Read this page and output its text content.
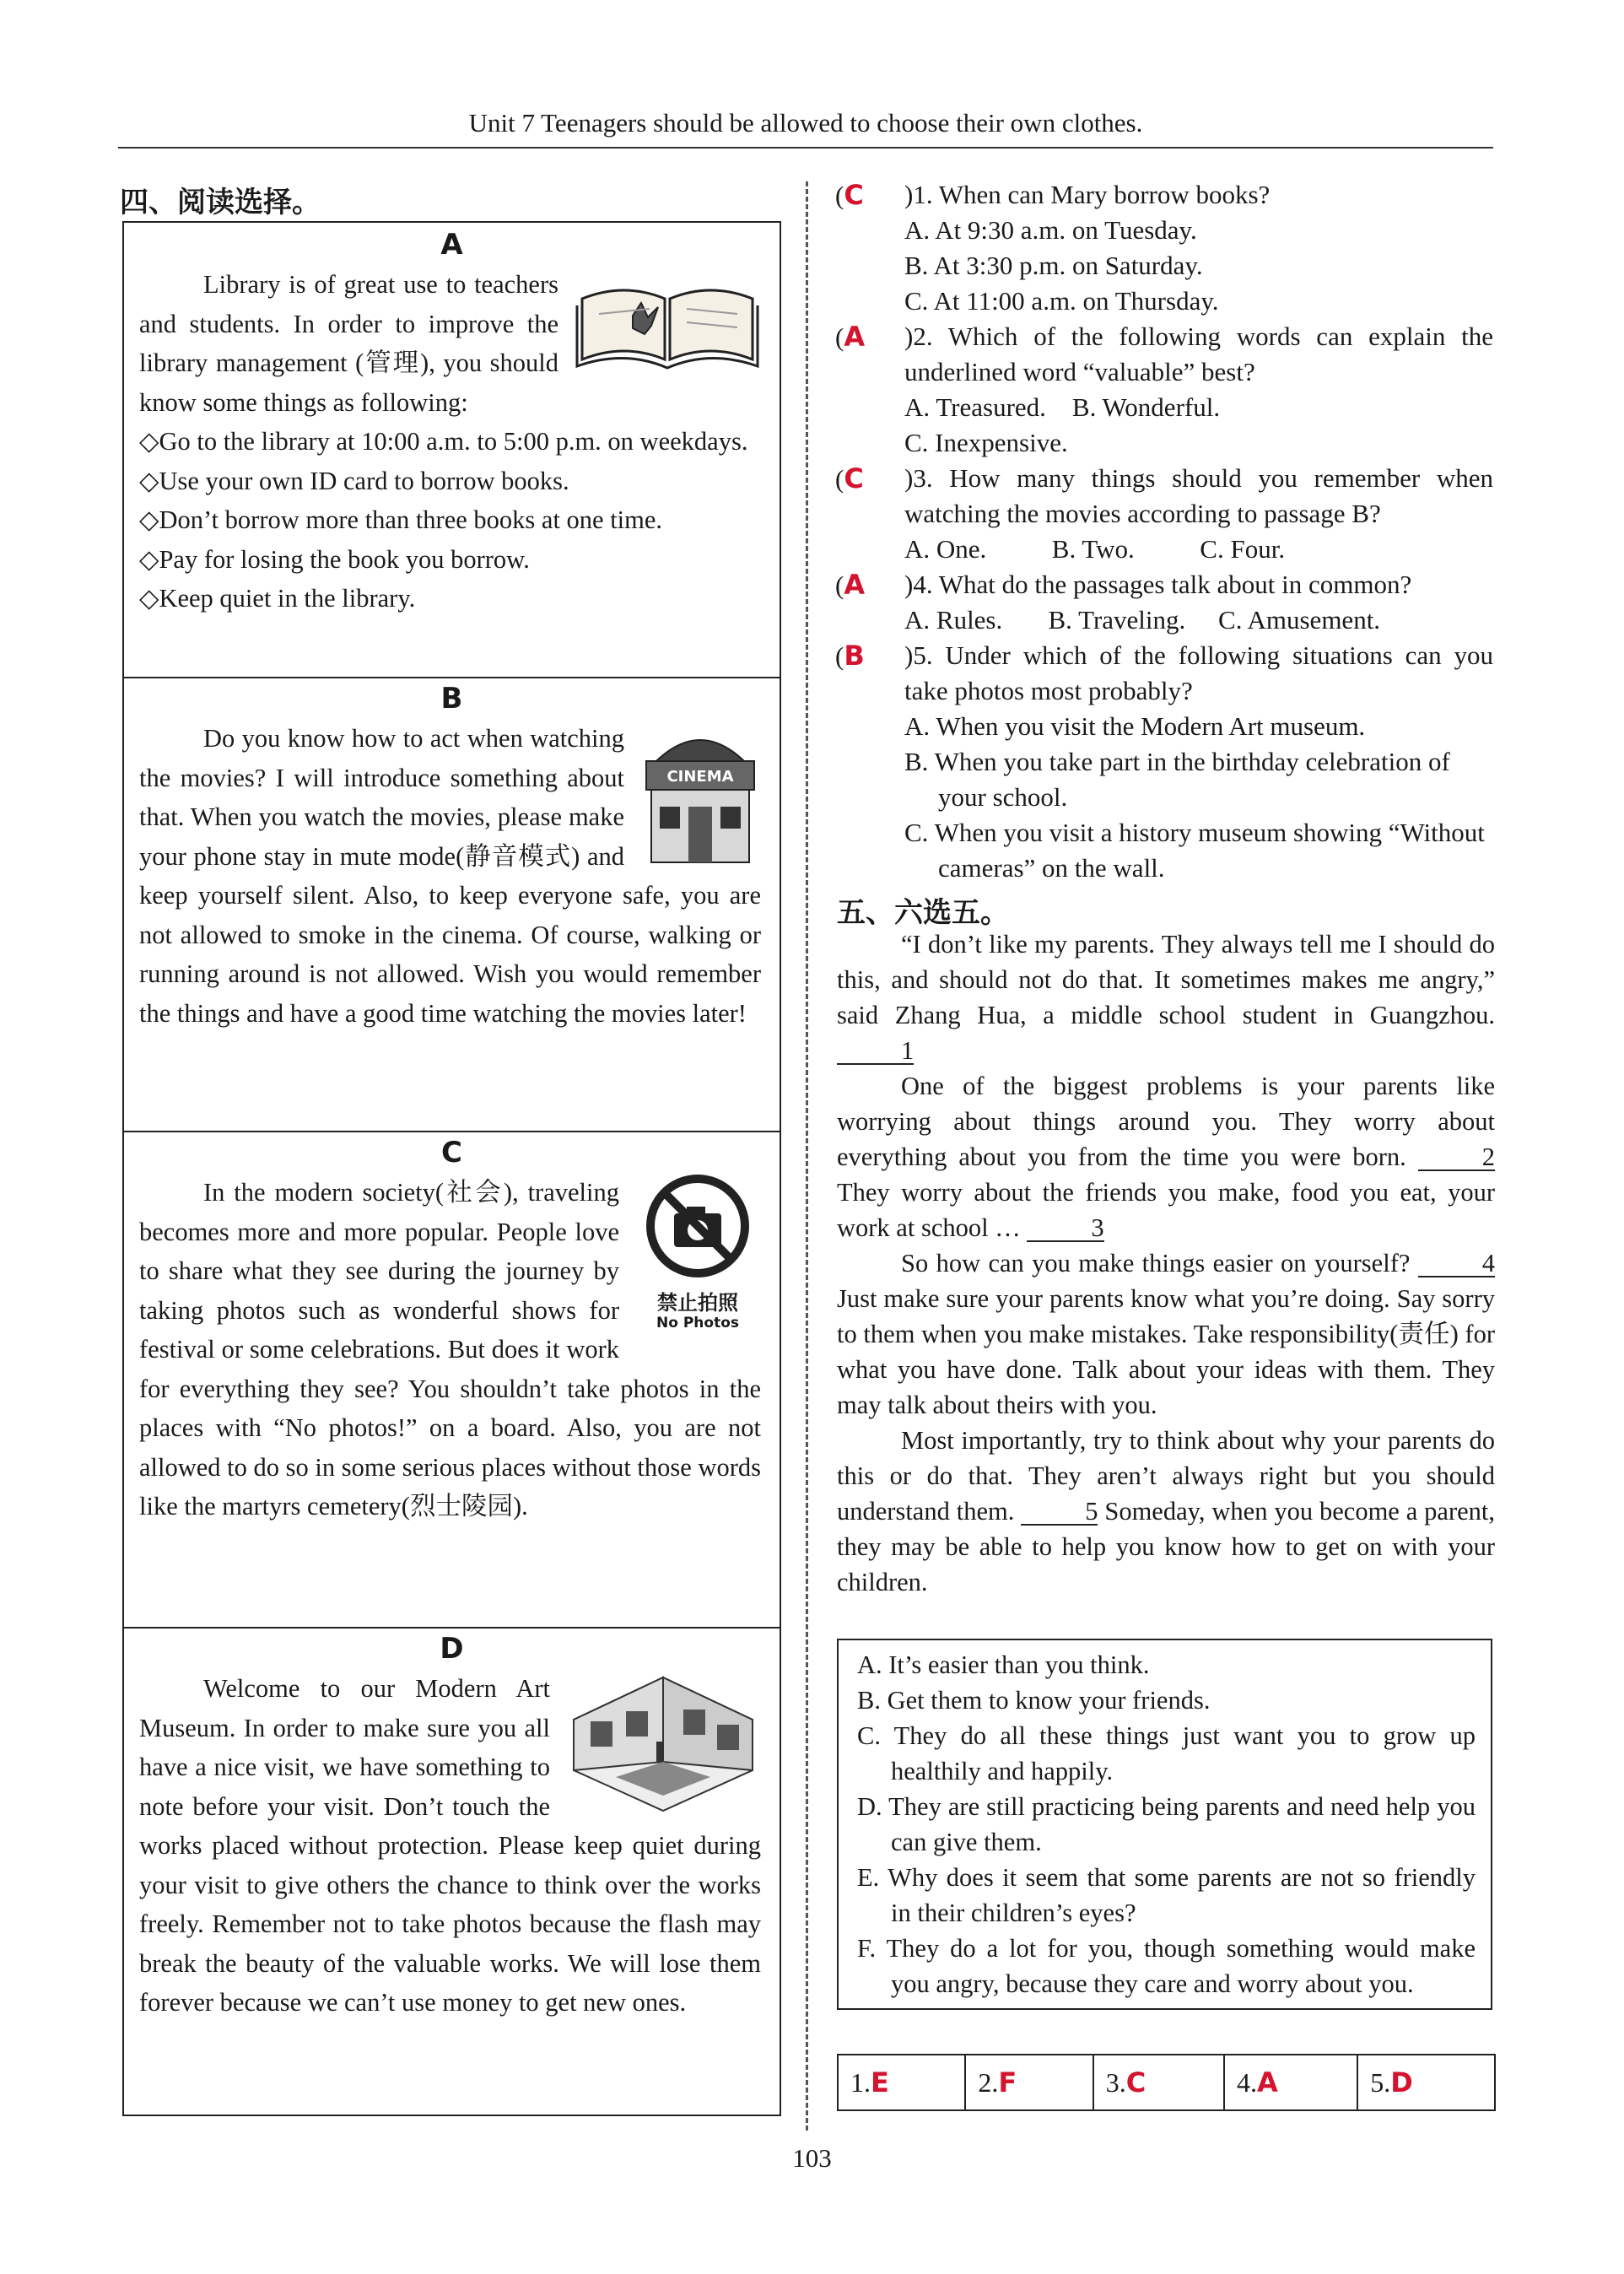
Unit 7 Teenagers should be allowed to choose their own clothes.
四、阅读选择。
A
Library is of great use to teachers and students. In order to improve the library management (管理), you should know some things as following:
◇Go to the library at 10:00 a.m. to 5:00 p.m. on weekdays.
◇Use your own ID card to borrow books.
◇Don’t borrow more than three books at one time.
◇Pay for losing the book you borrow.
◇Keep quiet in the library.
B
CINEMA
Do you know how to act when watching the movies? I will introduce something about that. When you watch the movies, please make your phone stay in mute mode(静音模式) and keep yourself silent. Also, to keep everyone safe, you are not allowed to smoke in the cinema. Of course, walking or running around is not allowed. Wish you would remember the things and have a good time watching the movies later!
C
禁止拍照
No Photos
In the modern society(社会), traveling becomes more and more popular. People love to share what they see during the journey by taking photos such as wonderful shows for festival or some celebrations. But does it work for everything they see? You shouldn’t take photos in the places with “No photos!” on a board. Also, you are not allowed to do so in some serious places without those words like the martyrs cemetery(烈士陵园).
D
Welcome to our Modern Art Museum. In order to make sure you all have a nice visit, we have something to note before your visit. Don’t touch the works placed without protection. Please keep quiet during your visit to give others the chance to think over the works freely. Remember not to take photos because the flash may break the beauty of the valuable works. We will lose them forever because we can’t use money to get new ones.
(C	)1. When can Mary borrow books?
A. At 9:30 a.m. on Tuesday.
B. At 3:30 p.m. on Saturday.
C. At 11:00 a.m. on Thursday.
(A	)2. Which of the following words can explain the underlined word “valuable” best?
A. Treasured.    B. Wonderful.
C. Inexpensive.
(C	)3. How many things should you remember when watching the movies according to passage B?
A. One.          B. Two.          C. Four.
(A	)4. What do the passages talk about in common?
A. Rules.       B. Traveling.     C. Amusement.
(B	)5. Under which of the following situations can you take photos most probably?
A. When you visit the Modern Art museum.
B. When you take part in the birthday celebration of your school.
C. When you visit a history museum showing “Without cameras” on the wall.
五、六选五。
“I don’t like my parents. They always tell me I should do this, and should not do that. It sometimes makes me angry,” said Zhang Hua, a middle school student in Guangzhou. 1
One of the biggest problems is your parents like worrying about things around you. They worry about everything about you from the time you were born.	2 They worry about the friends you make, food you eat, your work at school …	3
So how can you make things easier on yourself?	4 Just make sure your parents know what you’re doing. Say sorry to them when you make mistakes. Take responsibility(责任) for what you have done. Talk about your ideas with them. They may talk about theirs with you.
Most importantly, try to think about why your parents do this or do that. They aren’t always right but you should understand them.	5 Someday, when you become a parent, they may be able to help you know how to get on with your children.
A. It’s easier than you think.
B. Get them to know your friends.
C. They do all these things just want you to grow up healthily and happily.
D. They are still practicing being parents and need help you can give them.
E. Why does it seem that some parents are not so friendly in their children’s eyes?
F. They do a lot for you, though something would make you angry, because they care and worry about you.
1.E	2.F	3.C	4.A	5.D
103
